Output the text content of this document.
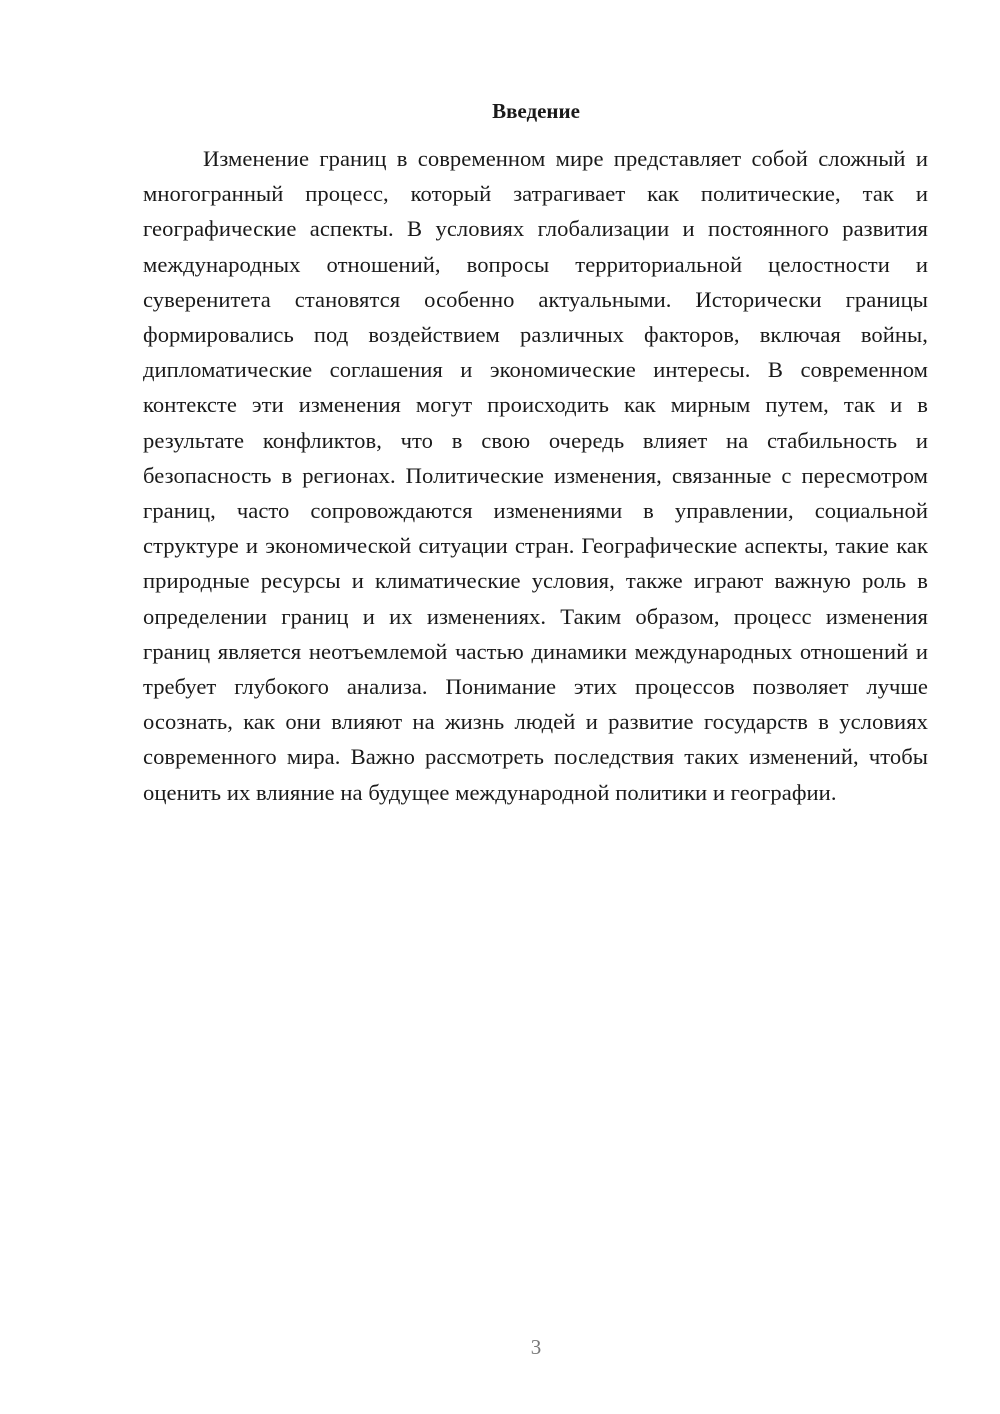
Введение

Изменение границ в современном мире представляет собой сложный и многогранный процесс, который затрагивает как политические, так и географические аспекты. В условиях глобализации и постоянного развития международных отношений, вопросы территориальной целостности и суверенитета становятся особенно актуальными. Исторически границы формировались под воздействием различных факторов, включая войны, дипломатические соглашения и экономические интересы. В современном контексте эти изменения могут происходить как мирным путем, так и в результате конфликтов, что в свою очередь влияет на стабильность и безопасность в регионах. Политические изменения, связанные с пересмотром границ, часто сопровождаются изменениями в управлении, социальной структуре и экономической ситуации стран. Географические аспекты, такие как природные ресурсы и климатические условия, также играют важную роль в определении границ и их изменениях. Таким образом, процесс изменения границ является неотъемлемой частью динамики международных отношений и требует глубокого анализа. Понимание этих процессов позволяет лучше осознать, как они влияют на жизнь людей и развитие государств в условиях современного мира. Важно рассмотреть последствия таких изменений, чтобы оценить их влияние на будущее международной политики и географии.

3
